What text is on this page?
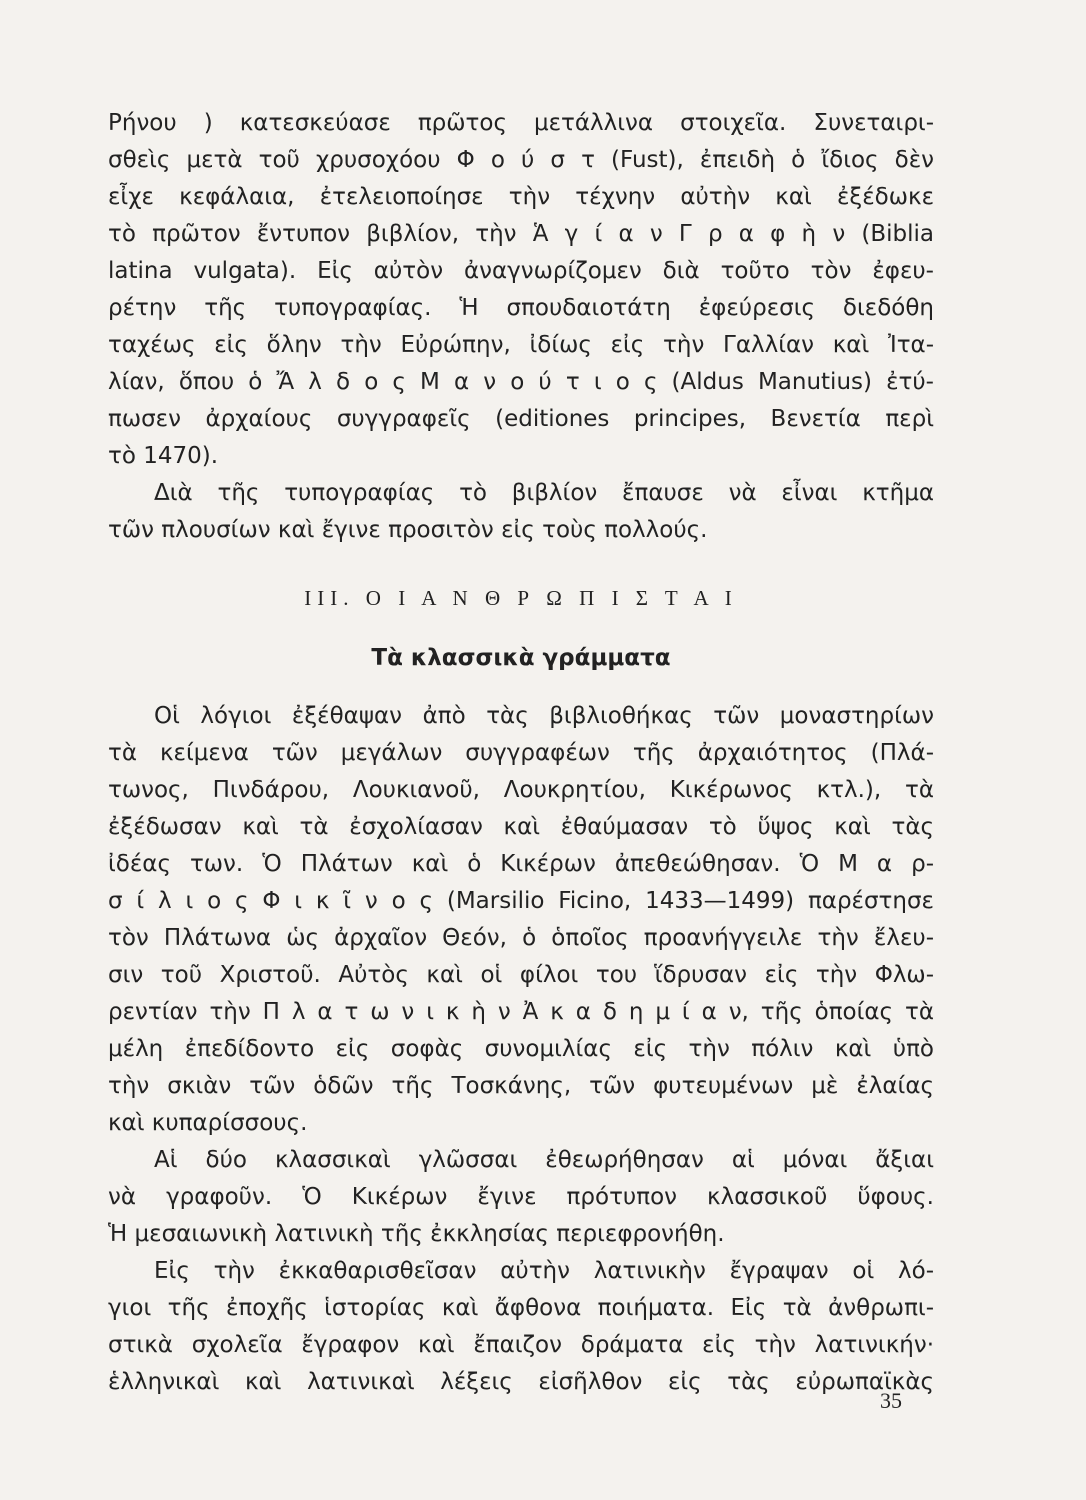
Ρήνου ) κατεσκεύασε πρῶτος μετάλλινα στοιχεῖα. Συνεταιρι-
σθεὶς μετὰ τοῦ χρυσοχόου Φ ο ύ σ τ (Fust), ἐπειδὴ ὁ ἴδιος δὲν
εἶχε κεφάλαια, ἐτελειοποίησε τὴν τέχνην αὐτὴν καὶ ἐξέδωκε
τὸ πρῶτον ἔντυπον βιβλίον, τὴν Ἁ γ ί α ν Γ ρ α φ ὴ ν (Biblia
latina vulgata). Εἰς αὐτὸν ἀναγνωρίζομεν διὰ τοῦτο τὸν ἐφευ-
ρέτην τῆς τυπογραφίας. Ἡ σπουδαιοτάτη ἐφεύρεσις διεδόθη
ταχέως εἰς ὅλην τὴν Εὐρώπην, ἰδίως εἰς τὴν Γαλλίαν καὶ Ἰτα-
λίαν, ὅπου ὁ Ἄ λ δ ο ς Μ α ν ο ύ τ ι ο ς (Aldus Manutius) ἐτύ-
πωσεν ἀρχαίους συγγραφεῖς (editiones principes, Βενετία περὶ
τὸ 1470).
Διὰ τῆς τυπογραφίας τὸ βιβλίον ἔπαυσε νὰ εἶναι κτῆμα
τῶν πλουσίων καὶ ἔγινε προσιτὸν εἰς τοὺς πολλούς.
III. Ο Ι Α Ν Θ Ρ Ω Π Ι Σ Τ Α Ι
Τὰ κλασσικὰ γράμματα
Οἱ λόγιοι ἐξέθαψαν ἀπὸ τὰς βιβλιοθήκας τῶν μοναστηρίων
τὰ κείμενα τῶν μεγάλων συγγραφέων τῆς ἀρχαιότητος (Πλά-
τωνος, Πινδάρου, Λουκιανοῦ, Λουκρητίου, Κικέρωνος κτλ.), τὰ
ἐξέδωσαν καὶ τὰ ἐσχολίασαν καὶ ἐθαύμασαν τὸ ὕψος καὶ τὰς
ἰδέας των. Ὁ Πλάτων καὶ ὁ Κικέρων ἀπεθεώθησαν. Ὁ Μ α ρ-
σ ί λ ι ο ς Φ ι κ ῖ ν ο ς (Marsilio Ficino, 1433—1499) παρέστησε
τὸν Πλάτωνα ὡς ἀρχαῖον Θεόν, ὁ ὁποῖος προανήγγειλε τὴν ἔλευ-
σιν τοῦ Χριστοῦ. Αὐτὸς καὶ οἱ φίλοι του ἵδρυσαν εἰς τὴν Φλω-
ρεντίαν τὴν Π λ α τ ω ν ι κ ὴ ν Ἀ κ α δ η μ ί α ν, τῆς ὁποίας τὰ
μέλη ἐπεδίδοντο εἰς σοφὰς συνομιλίας εἰς τὴν πόλιν καὶ ὑπὸ
τὴν σκιὰν τῶν ὁδῶν τῆς Τοσκάνης, τῶν φυτευμένων μὲ ἐλαίας
καὶ κυπαρίσσους.
Αἱ δύο κλασσικαὶ γλῶσσαι ἐθεωρήθησαν αἱ μόναι ἄξιαι
νὰ γραφοῦν. Ὁ Κικέρων ἔγινε πρότυπον κλασσικοῦ ὕφους.
Ἡ μεσαιωνικὴ λατινικὴ τῆς ἐκκλησίας περιεφρονήθη.
Εἰς τὴν ἐκκαθαρισθεῖσαν αὐτὴν λατινικὴν ἔγραψαν οἱ λό-
γιοι τῆς ἐποχῆς ἱστορίας καὶ ἄφθονα ποιήματα. Εἰς τὰ ἀνθρωπι-
στικὰ σχολεῖα ἔγραφον καὶ ἔπαιζον δράματα εἰς τὴν λατινικήν·
ἑλληνικαὶ καὶ λατινικαὶ λέξεις εἰσῆλθον εἰς τὰς εὐρωπαϊκὰς
35
